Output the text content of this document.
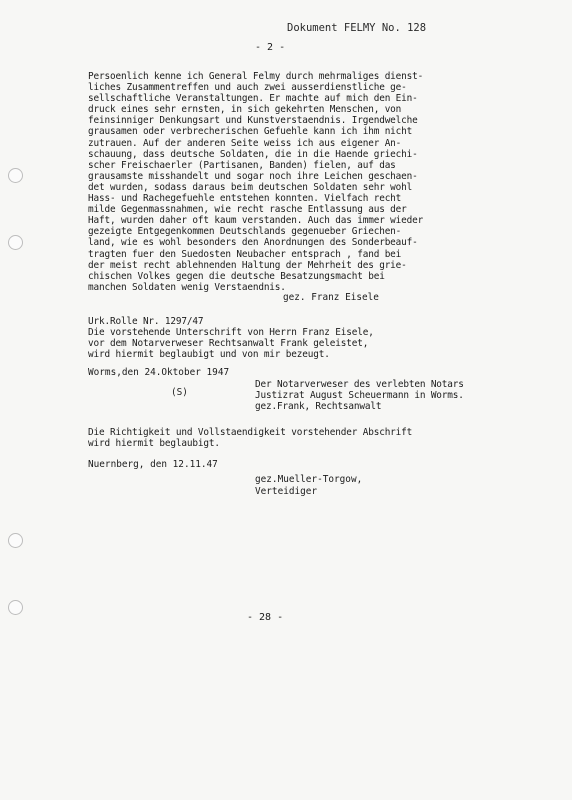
Dokument FELMY No. 128
- 2 -
Persoenlich kenne ich General Felmy durch mehrmaliges dienst-
liches Zusammentreffen und auch zwei ausserdienstliche ge-
sellschaftliche Veranstaltungen. Er machte auf mich den Ein-
druck eines sehr ernsten, in sich gekehrten Menschen, von
feinsinniger Denkungsart und Kunstverstaendnis. Irgendwelche
grausamen oder verbrecherischen Gefuehle kann ich ihm nicht
zutrauen. Auf der anderen Seite weiss ich aus eigener An-
schauung, dass deutsche Soldaten, die in die Haende griechi-
scher Freischaerler (Partisanen, Banden) fielen, auf das
grausamste misshandelt und sogar noch ihre Leichen geschaen-
det wurden, sodass daraus beim deutschen Soldaten sehr wohl
Hass- und Rachegefuehle entstehen konnten. Vielfach recht
milde Gegenmassnahmen, wie recht rasche Entlassung aus der
Haft, wurden daher oft kaum verstanden. Auch das immer wieder
gezeigte Entgegenkommen Deutschlands gegenueber Griechen-
land, wie es wohl besonders den Anordnungen des Sonderbeauf-
tragten fuer den Suedosten Neubacher entsprach , fand bei
der meist recht ablehnenden Haltung der Mehrheit des grie-
chischen Volkes gegen die deutsche Besatzungsmacht bei
manchen Soldaten wenig Verstaendnis.
gez. Franz Eisele
Urk.Rolle Nr. 1297/47
Die vorstehende Unterschrift von Herrn Franz Eisele,
vor dem Notarverweser Rechtsanwalt Frank geleistet,
wird hiermit beglaubigt und von mir bezeugt.
Worms,den 24.Oktober 1947
(S)
Der Notarverweser des verlebten Notars
Justizrat August Scheuermann in Worms.
gez.Frank, Rechtsanwalt
Die Richtigkeit und Vollstaendigkeit vorstehender Abschrift
wird hiermit beglaubigt.
Nuernberg, den 12.11.47
gez.Mueller-Torgow,
Verteidiger
- 28 -
